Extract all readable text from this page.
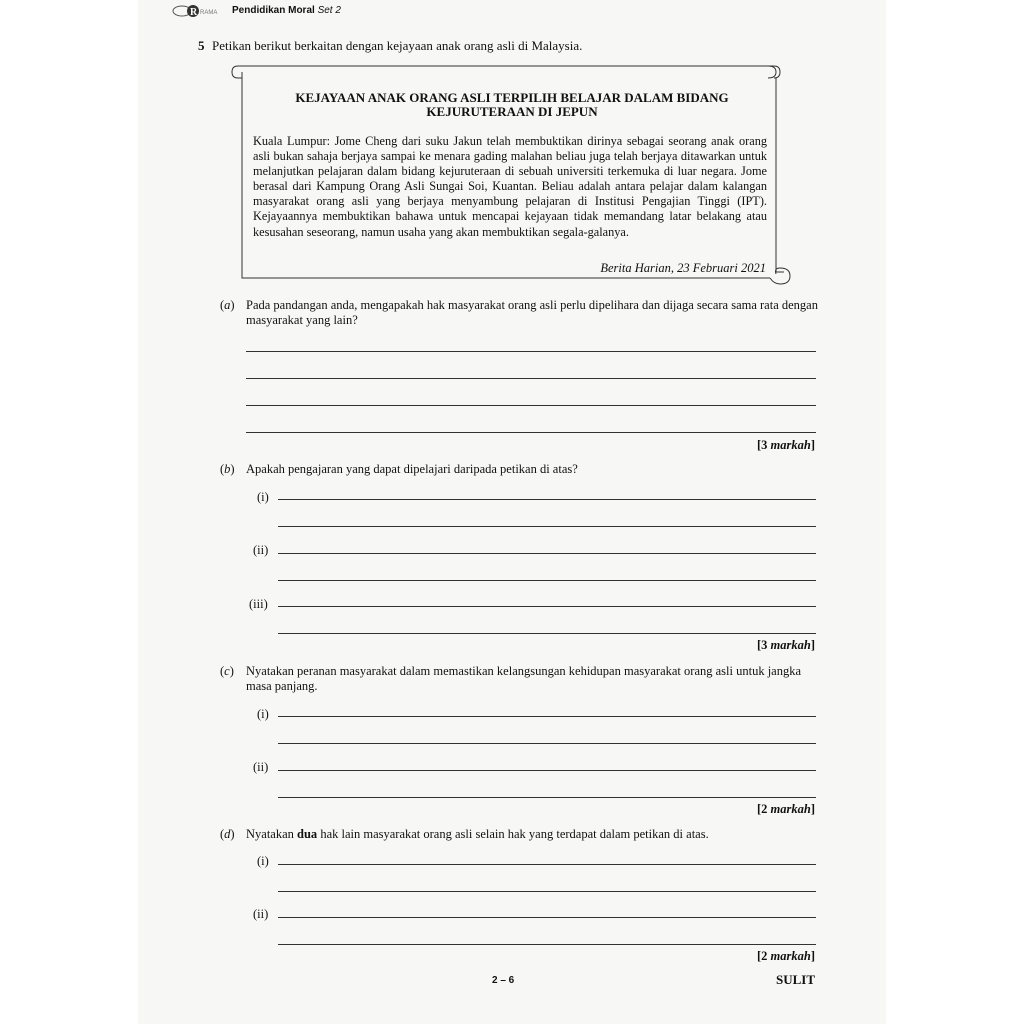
R RAMA Pendidikan Moral Set 2
5 Petikan berikut berkaitan dengan kejayaan anak orang asli di Malaysia.
KEJAYAAN ANAK ORANG ASLI TERPILIH BELAJAR DALAM BIDANG
KEJURUTERAAN DI JEPUN

Kuala Lumpur: Jome Cheng dari suku Jakun telah membuktikan dirinya sebagai seorang anak orang asli bukan sahaja berjaya sampai ke menara gading malahan beliau juga telah berjaya ditawarkan untuk melanjutkan pelajaran dalam bidang kejuruteraan di sebuah universiti terkemuka di luar negara. Jome berasal dari Kampung Orang Asli Sungai Soi, Kuantan. Beliau adalah antara pelajar dalam kalangan masyarakat orang asli yang berjaya menyambung pelajaran di Institusi Pengajian Tinggi (IPT). Kejayaannya membuktikan bahawa untuk mencapai kejayaan tidak memandang latar belakang atau kesusahan seseorang, namun usaha yang akan membuktikan segala-galanya.

Berita Harian, 23 Februari 2021
(a) Pada pandangan anda, mengapakah hak masyarakat orang asli perlu dipelihara dan dijaga secara sama rata dengan masyarakat yang lain?
[3 markah]
(b) Apakah pengajaran yang dapat dipelajari daripada petikan di atas?
(i)
(ii)
(iii)
[3 markah]
(c) Nyatakan peranan masyarakat dalam memastikan kelangsungan kehidupan masyarakat orang asli untuk jangka masa panjang.
(i)
(ii)
[2 markah]
(d) Nyatakan dua hak lain masyarakat orang asli selain hak yang terdapat dalam petikan di atas.
(i)
(ii)
[2 markah]
2 – 6	SULIT
